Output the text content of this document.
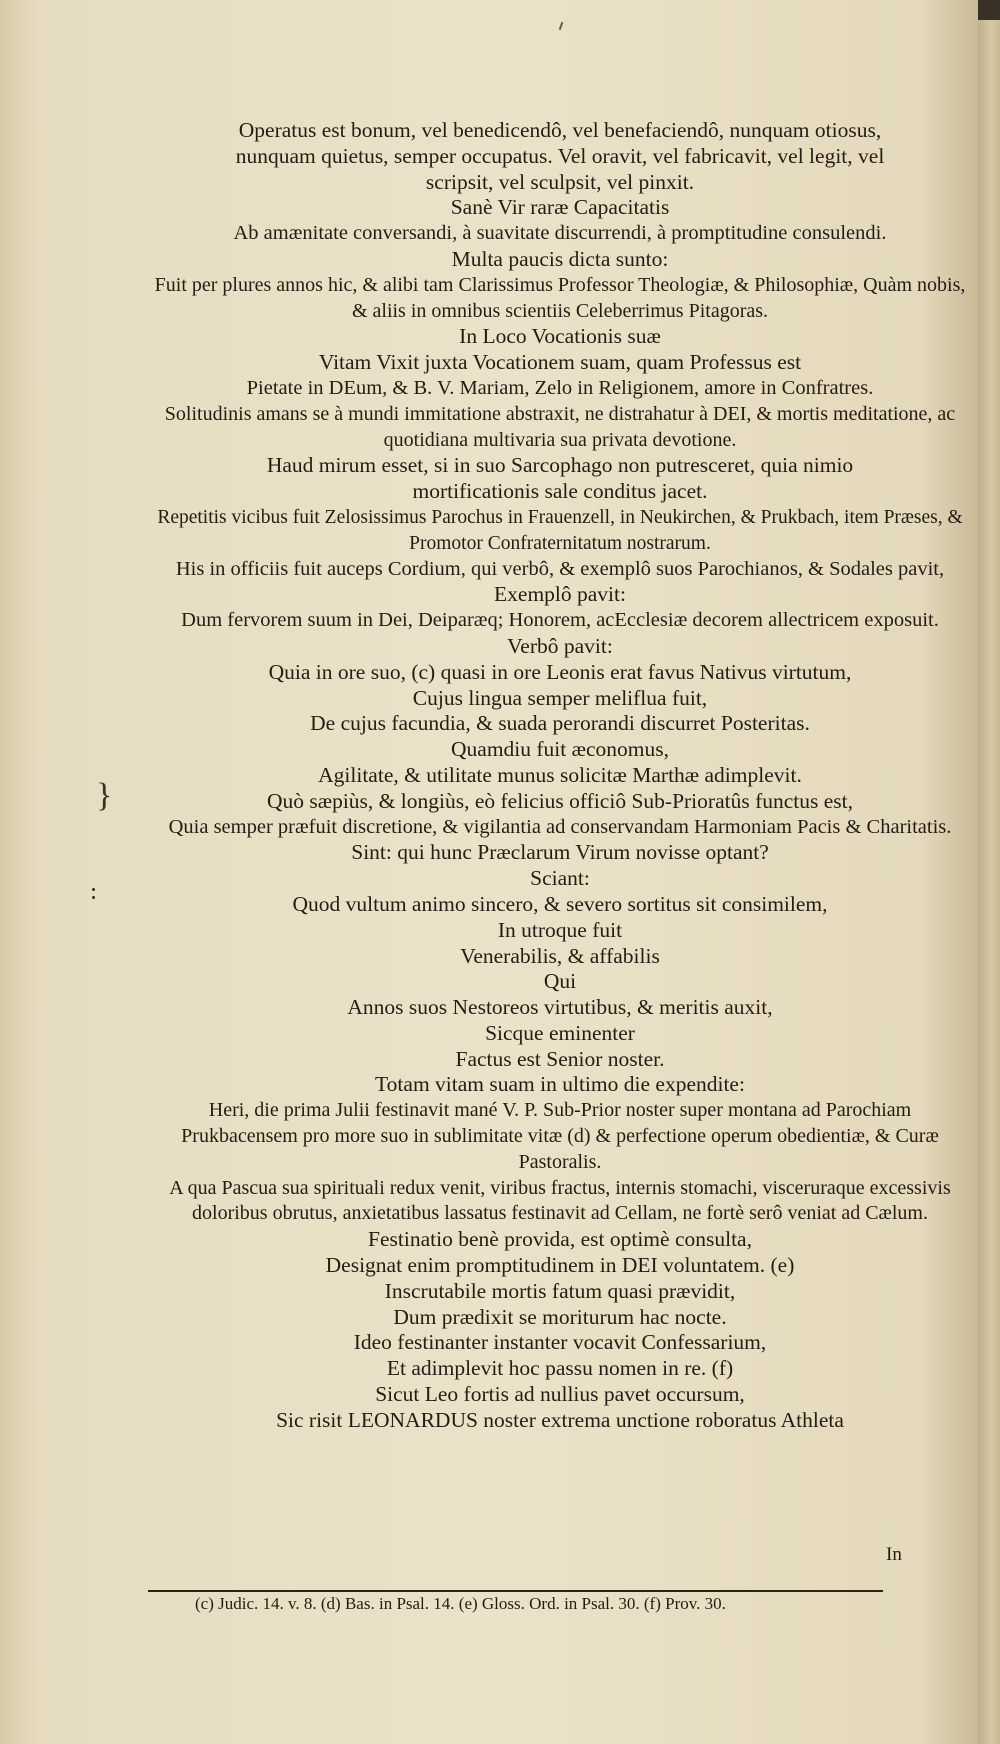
}
Operatus est bonum, vel benedicendô, vel benefaciendô, nunquam otiosus, nunquam quietus, semper occupatus. Vel oravit, vel fabricavit, vel legit, vel scripsit, vel sculpsit, vel pinxit.
Sanè Vir raræ Capacitatis
Ab amænitate conversandi, à suavitate discurrendi, à promptitudine consulendi.
Multa paucis dicta sunto:
Fuit per plures annos hic, & alibi tam Clarissimus Professor Theologiæ, & Philosophiæ, Quàm nobis, & aliis in omnibus scientiis Celeberrimus Pitagoras.
In Loco Vocationis suæ
Vitam Vixit juxta Vocationem suam, quam Professus est
Pietate in DEum, & B. V. Mariam, Zelo in Religionem, amore in Confratres.
Solitudinis amans se à mundi immitatione abstraxit, ne distrahatur à DEI, & mortis meditatione, ac quotidiana multivaria sua privata devotione.
Haud mirum esset, si in suo Sarcophago non putresceret, quia nimio mortificationis sale conditus jacet.
Repetitis vicibus fuit Zelosissimus Parochus in Frauenzell, in Neukirchen, & Prukbach, item Præses, & Promotor Confraternitatum nostrarum.
His in officiis fuit auceps Cordium, qui verbô, & exemplô suos Parochianos, & Sodales pavit,
Exemplô pavit:
Dum fervorem suum in Dei, Deiparæq; Honorem, acEcclesiæ decorem allectricem exposuit.
Verbô pavit:
Quia in ore suo, (c) quasi in ore Leonis erat favus Nativus virtutum,
Cujus lingua semper meliflua fuit,
De cujus facundia, & suada perorandi discurret Posteritas.
Quamdiu fuit æconomus,
Agilitate, & utilitate munus solicitæ Marthæ adimplevit.
Quò sæpiùs, & longiùs, eò felicius officiô Sub-Prioratûs functus est,
Quia semper præfuit discretione, & vigilantia ad conservandam Harmoniam Pacis & Charitatis.
Sint: qui hunc Præclarum Virum novisse optant?
Sciant:
Quod vultum animo sincero, & severo sortitus sit consimilem,
In utroque fuit
Venerabilis, & affabilis
Qui
Annos suos Nestoreos virtutibus, & meritis auxit,
Sicque eminenter
Factus est Senior noster.
Totam vitam suam in ultimo die expendite:
Heri, die prima Julii festinavit mané V. P. Sub-Prior noster super montana ad Parochiam Prukbacensem pro more suo in sublimitate vitæ (d) & perfectione operum obedientiæ, & Curæ Pastoralis.
A qua Pascua sua spirituali redux venit, viribus fractus, internis stomachi, visceruraque excessivis doloribus obrutus, anxietatibus lassatus festinavit ad Cellam, ne fortè serô veniat ad Cælum.
Festinatio benè provida, est optimè consulta,
Designat enim promptitudinem in DEI voluntatem. (e)
Inscrutabile mortis fatum quasi prævidit,
Dum prædixit se moriturum hac nocte.
Ideo festinanter instanter vocavit Confessarium,
Et adimplevit hoc passu nomen in re. (f)
Sicut Leo fortis ad nullius pavet occursum,
Sic risit LEONARDUS noster extrema unctione roboratus Athleta
In
(c) Judic. 14. v. 8. (d) Bas. in Psal. 14. (e) Gloss. Ord. in Psal. 30. (f) Prov. 30.
